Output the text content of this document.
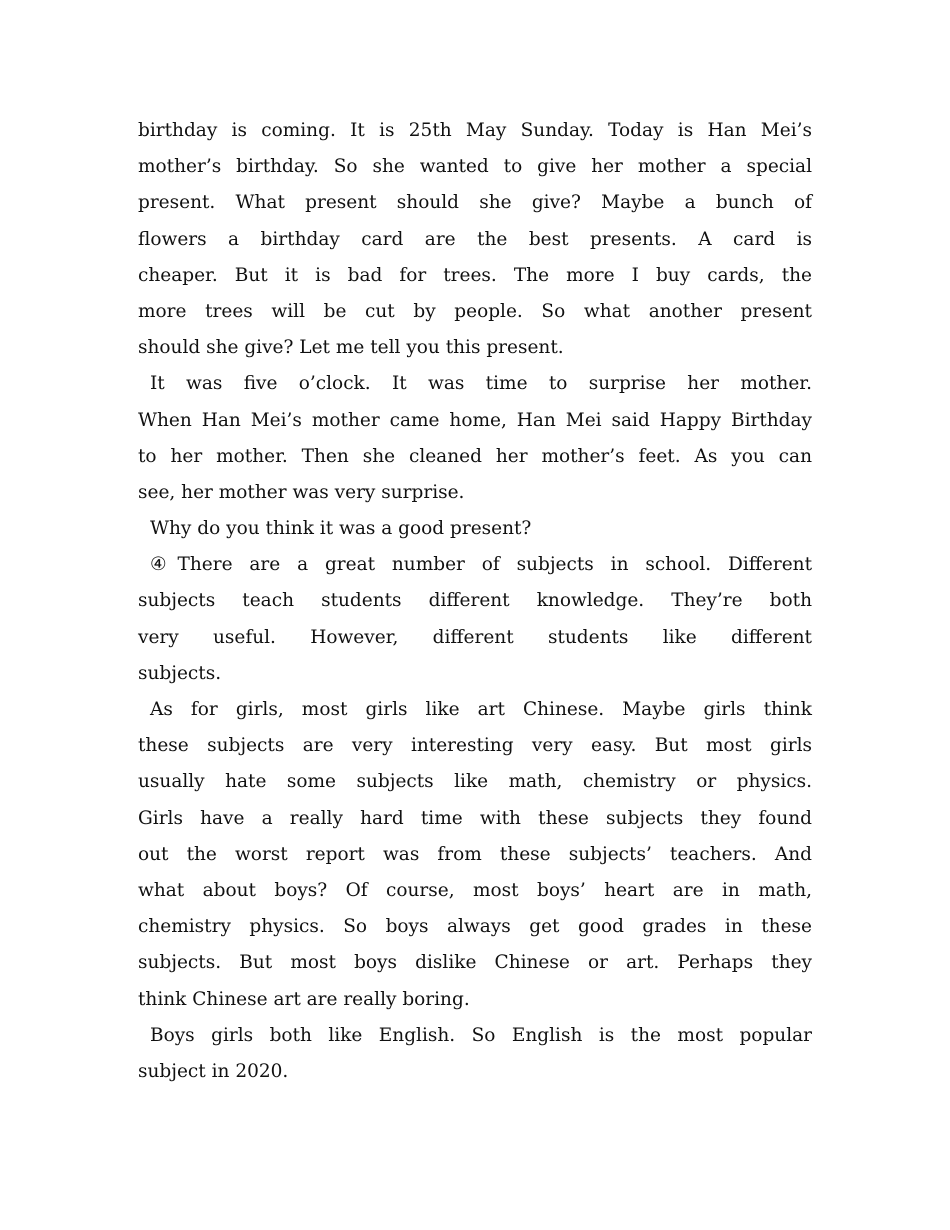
birthday is coming. It is 25th May Sunday. Today is Han Mei’s
mother’s birthday. So she wanted to give her mother a special
present. What present should she give? Maybe a bunch of
flowers a birthday card are the best presents. A card is
cheaper. But it is bad for trees. The more I buy cards, the
more trees will be cut by people. So what another present
should she give? Let me tell you this present.
It was five o’clock. It was time to surprise her mother.
When Han Mei’s mother came home, Han Mei said Happy Birthday
to her mother. Then she cleaned her mother’s feet. As you can
see, her mother was very surprise.
Why do you think it was a good present?
④There are a great number of subjects in school. Different
subjects teach students different knowledge. They’re both
very useful. However, different students like different
subjects.
As for girls, most girls like art Chinese. Maybe girls think
these subjects are very interesting very easy. But most girls
usually hate some subjects like math, chemistry or physics.
Girls have a really hard time with these subjects they found
out the worst report was from these subjects’ teachers. And
what about boys? Of course, most boys’ heart are in math,
chemistry physics. So boys always get good grades in these
subjects. But most boys dislike Chinese or art. Perhaps they
think Chinese art are really boring.
Boys girls both like English. So English is the most popular
subject in 2020.
